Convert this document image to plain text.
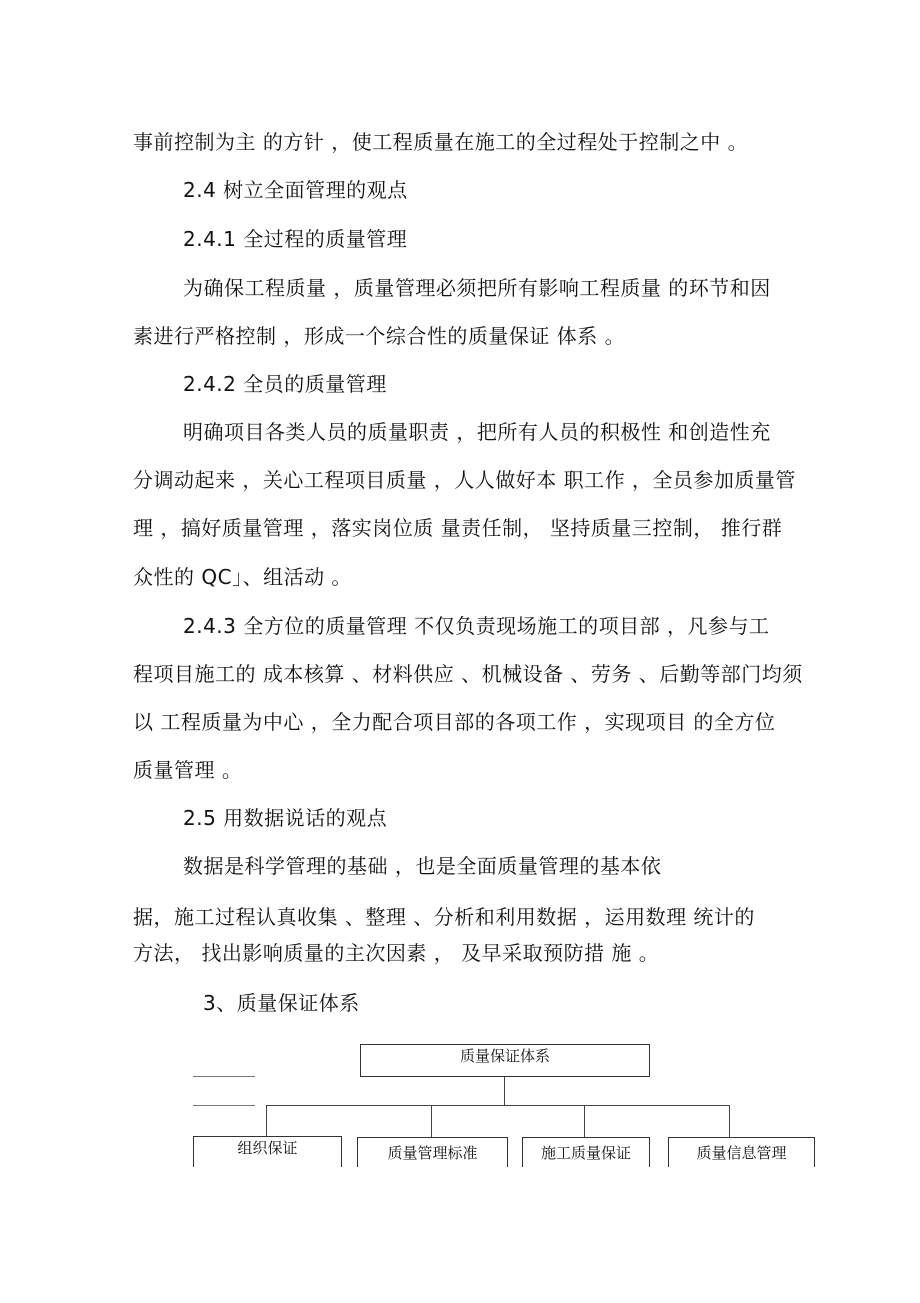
事前控制为主 的方针 ，使工程质量在施工的全过程处于控制之中 。
2.4 树立全面管理的观点
2.4.1 全过程的质量管理
为确保工程质量 ，质量管理必须把所有影响工程质量 的环节和因
素进行严格控制 ，形成一个综合性的质量保证 体系 。
2.4.2 全员的质量管理
明确项目各类人员的质量职责 ，把所有人员的积极性 和创造性充
分调动起来 ，关心工程项目质量 ，人人做好本 职工作 ，全员参加质量管
理 ，搞好质量管理 ，落实岗位质 量责任制， 坚持质量三控制， 推行群
众性的 QC」、组活动 。
2.4.3 全方位的质量管理 不仅负责现场施工的项目部 ，凡参与工
程项目施工的 成本核算 、材料供应 、机械设备 、劳务 、后勤等部门均须
以 工程质量为中心 ，全力配合项目部的各项工作 ，实现项目 的全方位
质量管理 。
2.5 用数据说话的观点
数据是科学管理的基础 ，也是全面质量管理的基本依
据，施工过程认真收集 、整理 、分析和利用数据 ，运用数理 统计的
方法， 找出影响质量的主次因素 ， 及早采取预防措 施 。
3、质量保证体系
质量保证体系
组织保证	质量管理标准	施工质量保证	质量信息管理
